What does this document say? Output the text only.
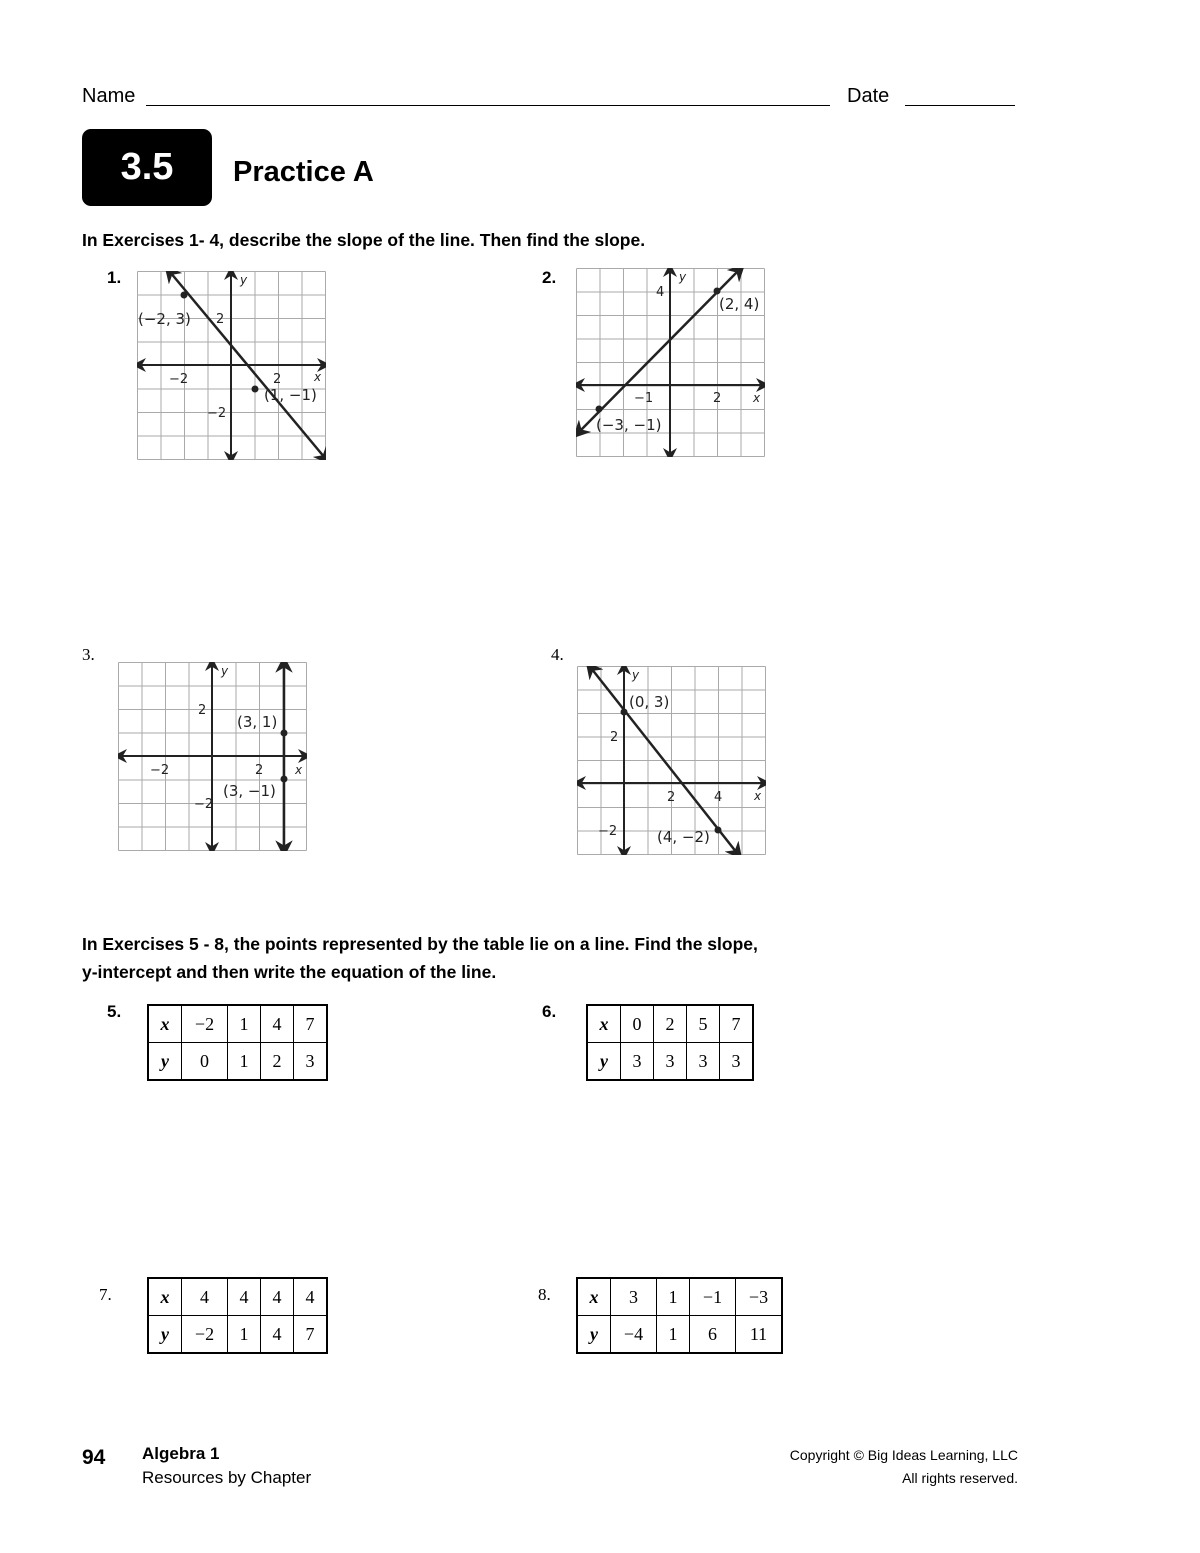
Name	Date
3.5	Practice A
In Exercises 1- 4, describe the slope of the line. Then find the slope.
1.	2.
3.	4.
y
x
2
−2	2
−2
(−2, 3)
(1, −1)
y
x
4
−1	2
(2, 4)
(−3, −1)
y
x
2
−2	2
−2
(3, 1)
(3, −1)
y
x
2
2	4
−2
(0, 3)
(4, −2)
In Exercises 5 - 8, the points represented by the table lie on a line. Find the slope,
y-intercept and then write the equation of the line.
5.	6.
7.	8.
x	−2	1	4	7
y	0	1	2	3
x	0	2	5	7
y	3	3	3	3
x	4	4	4	4
y	−2	1	4	7
x	3	1	−1	−3
y	−4	1	6	11
94 Algebra 1
Resources by Chapter
Copyright © Big Ideas Learning, LLC
All rights reserved.
